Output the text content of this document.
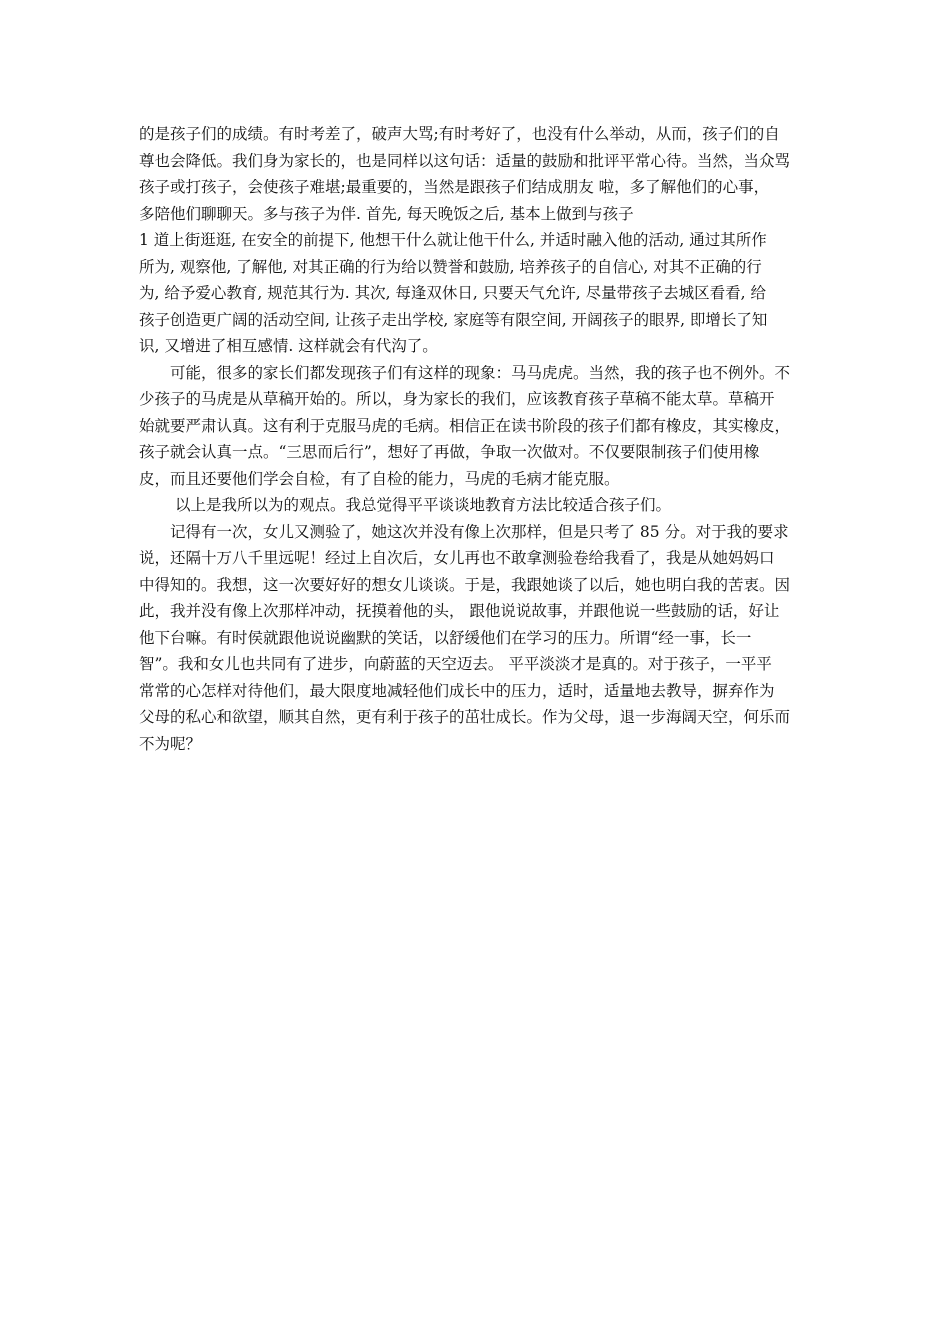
的是孩子们的成绩。有时考差了，破声大骂;有时考好了，也没有什么举动，从而，孩子们的自
尊也会降低。我们身为家长的，也是同样以这句话：适量的鼓励和批评平常心待。当然，当众骂
孩子或打孩子，会使孩子难堪;最重要的，当然是跟孩子们结成朋友 啦，多了解他们的心事，
多陪他们聊聊天。多与孩子为伴. 首先, 每天晚饭之后, 基本上做到与孩子
1 道上街逛逛, 在安全的前提下, 他想干什么就让他干什么, 并适时融入他的活动, 通过其所作
所为, 观察他, 了解他, 对其正确的行为给以赞誉和鼓励, 培养孩子的自信心, 对其不正确的行
为, 给予爱心教育, 规范其行为. 其次, 每逢双休日, 只要天气允许, 尽量带孩子去城区看看, 给
孩子创造更广阔的活动空间, 让孩子走出学校, 家庭等有限空间, 开阔孩子的眼界, 即增长了知
识, 又增进了相互感情. 这样就会有代沟了。
可能，很多的家长们都发现孩子们有这样的现象：马马虎虎。当然，我的孩子也不例外。不
少孩子的马虎是从草稿开始的。所以，身为家长的我们，应该教育孩子草稿不能太草。草稿开
始就要严肃认真。这有利于克服马虎的毛病。相信正在读书阶段的孩子们都有橡皮，其实橡皮，
孩子就会认真一点。“三思而后行”，想好了再做，争取一次做对。不仅要限制孩子们使用橡
皮，而且还要他们学会自检，有了自检的能力，马虎的毛病才能克服。
以上是我所以为的观点。我总觉得平平谈谈地教育方法比较适合孩子们。
记得有一次，女儿又测验了，她这次并没有像上次那样，但是只考了 85 分。对于我的要求
说，还隔十万八千里远呢！经过上自次后，女儿再也不敢拿测验卷给我看了，我是从她妈妈口
中得知的。我想，这一次要好好的想女儿谈谈。于是，我跟她谈了以后，她也明白我的苦衷。因
此，我并没有像上次那样冲动，抚摸着他的头， 跟他说说故事，并跟他说一些鼓励的话，好让
他下台嘛。有时侯就跟他说说幽默的笑话，以舒缓他们在学习的压力。所谓“经一事，长一
智”。我和女儿也共同有了进步，向蔚蓝的天空迈去。 平平淡淡才是真的。对于孩子，一平平
常常的心怎样对待他们，最大限度地减轻他们成长中的压力，适时，适量地去教导，摒弃作为
父母的私心和欲望，顺其自然，更有利于孩子的茁壮成长。作为父母，退一步海阔天空，何乐而
不为呢？
